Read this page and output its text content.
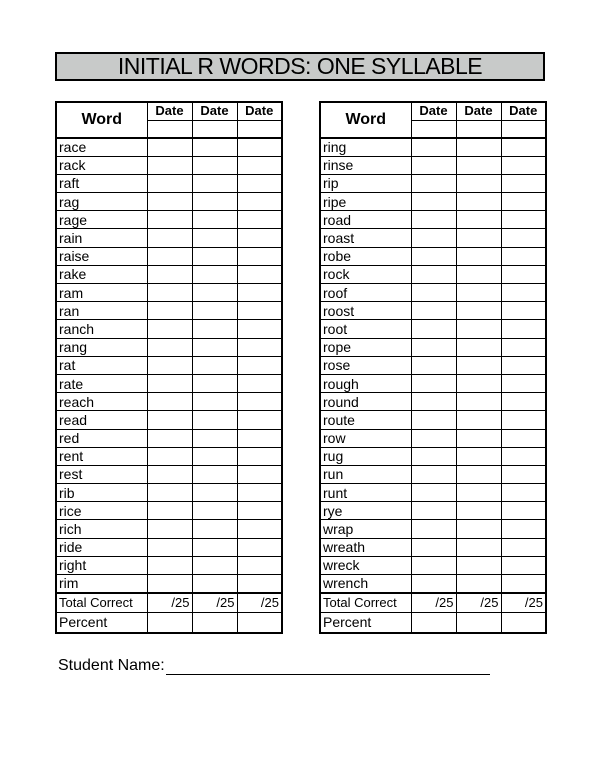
INITIAL R WORDS: ONE SYLLABLE
Word	Date	Date	Date

race			
rack			
raft			
rag			
rage			
rain			
raise			
rake			
ram			
ran			
ranch			
rang			
rat			
rate			
reach			
read			
red			
rent			
rest			
rib			
rice			
rich			
ride			
right			
rim			
Total Correct	/25	/25	/25
Percent			
Word	Date	Date	Date

ring			
rinse			
rip			
ripe			
road			
roast			
robe			
rock			
roof			
roost			
root			
rope			
rose			
rough			
round			
route			
row			
rug			
run			
runt			
rye			
wrap			
wreath			
wreck			
wrench			
Total Correct	/25	/25	/25
Percent			
Student Name:
